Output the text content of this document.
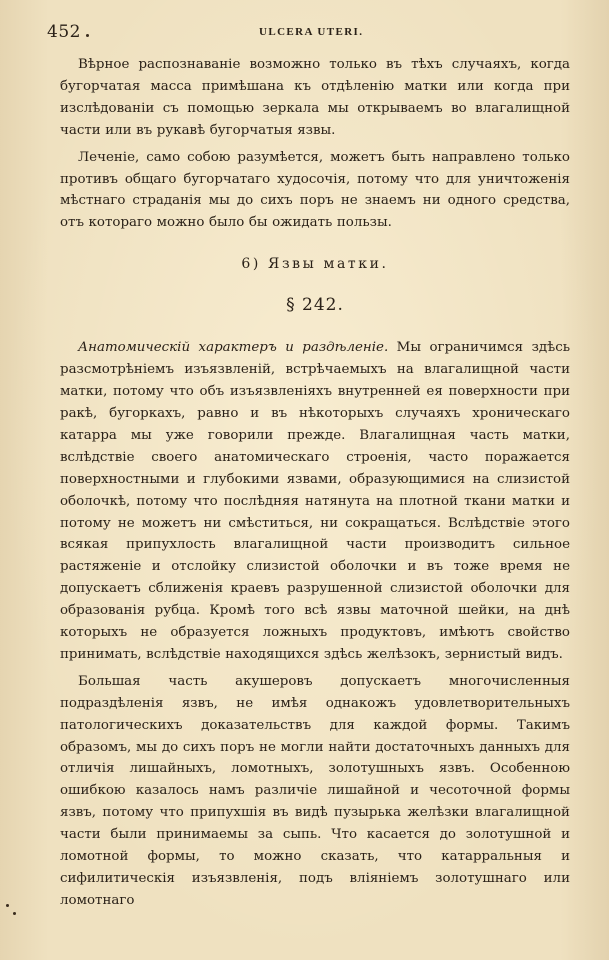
452	ULCERA UTERI.

Вѣрное распознаваніе возможно только въ тѣхъ случаяхъ, когда бугорчатая масса примѣшана къ отдѣленію матки или когда при изслѣдованіи съ помощью зеркала мы открываемъ во влагалищной части или въ рукавѣ бугорчатыя язвы.

Леченіе, само собою разумѣется, можетъ быть направлено только противъ общаго бугорчатаго худосочія, потому что для уничтоженія мѣстнаго страданія мы до сихъ поръ не знаемъ ни одного средства, отъ котораго можно было бы ожидать пользы.

6) Язвы матки.
§ 242.

Анатомическій характеръ и раздѣленіе. Мы ограничимся здѣсь разсмотрѣніемъ изъязвленій, встрѣчаемыхъ на влагалищной части матки, потому что объ изъязвленіяхъ внутренней ея поверхности при ракѣ, бугоркахъ, равно и въ нѣкоторыхъ случаяхъ хроническаго катарра мы уже говорили прежде. Влагалищная часть матки, вслѣдствіе своего анатомическаго строенія, часто поражается поверхностными и глубокими язвами, образующимися на слизистой оболочкѣ, потому что послѣдняя натянута на плотной ткани матки и потому не можетъ ни смѣститься, ни сокращаться. Вслѣдствіе этого всякая припухлость влагалищной части производитъ сильное растяженіе и отслойку слизистой оболочки и въ тоже время не допускаетъ сближенія краевъ разрушенной слизистой оболочки для образованія рубца. Кромѣ того всѣ язвы маточной шейки, на днѣ которыхъ не образуется ложныхъ продуктовъ, имѣютъ свойство принимать, вслѣдствіе находящихся здѣсь желѣзокъ, зернистый видъ.

Большая часть акушеровъ допускаетъ многочисленныя подраздѣленія язвъ, не имѣя однакожъ удовлетворительныхъ патологическихъ доказательствъ для каждой формы. Такимъ образомъ, мы до сихъ поръ не могли найти достаточныхъ данныхъ для отличія лишайныхъ, ломотныхъ, золотушныхъ язвъ. Особенною ошибкою казалось намъ различіе лишайной и чесоточной формы язвъ, потому что припухшія въ видѣ пузырька желѣзки влагалищной части были принимаемы за сыпь. Что касается до золотушной и ломотной формы, то можно сказать, что катарральныя и сифилитическія изъязвленія, подъ вліяніемъ золотушнаго или ломотнаго
